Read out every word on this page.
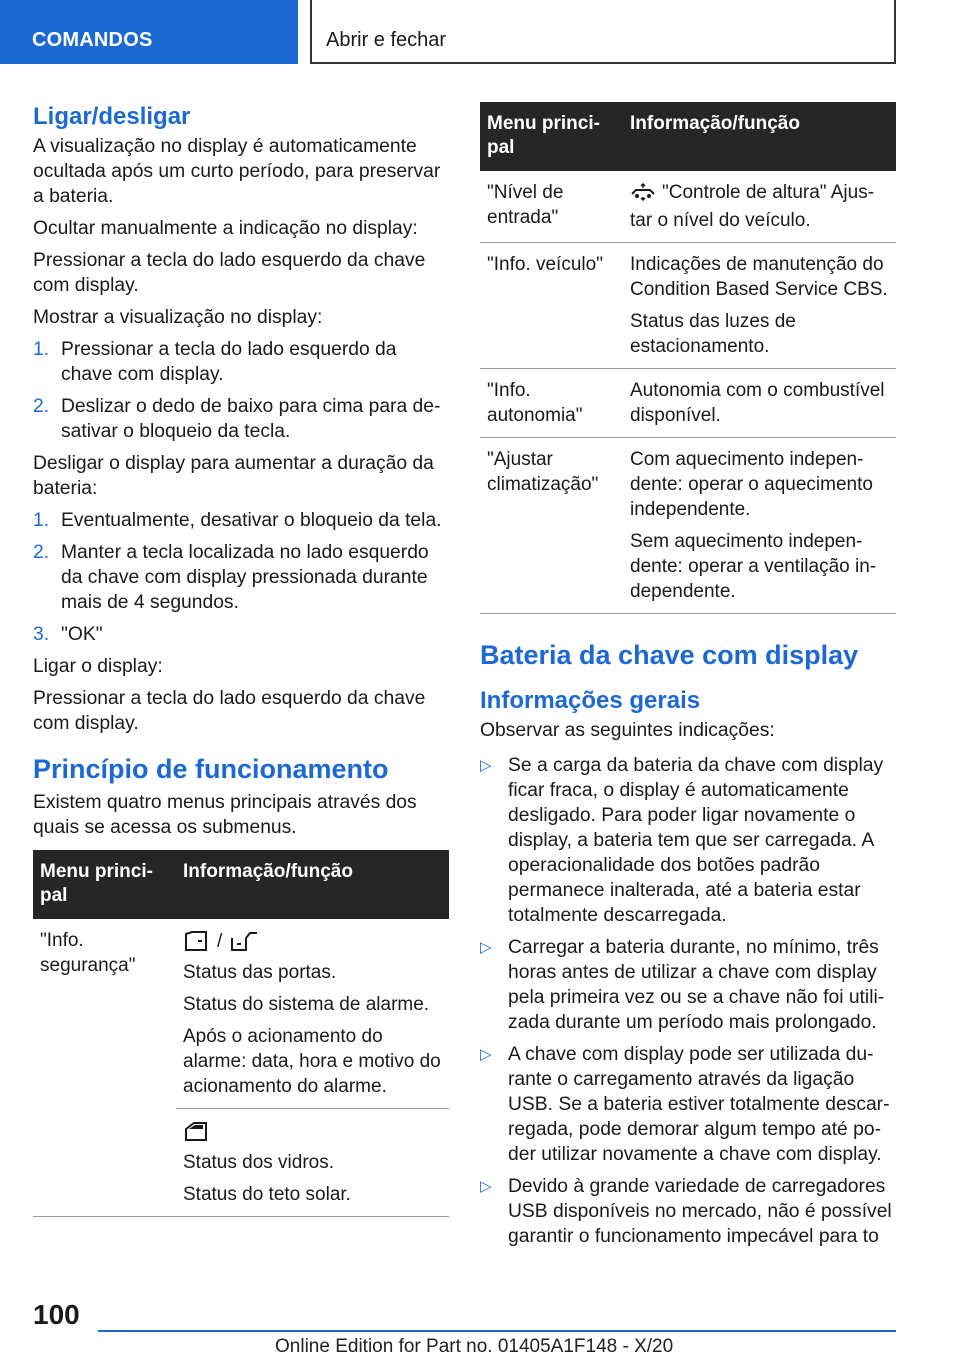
COMANDOS	Abrir e fechar
Ligar/desligar

A visualização no display é automaticamente ocultada após um curto período, para preservar a bateria.

Ocultar manualmente a indicação no display:

Pressionar a tecla do lado esquerdo da chave com display.

Mostrar a visualização no display:

1. Pressionar a tecla do lado esquerdo da chave com display.
2. Deslizar o dedo de baixo para cima para desativar o bloqueio da tecla.

Desligar o display para aumentar a duração da bateria:

1. Eventualmente, desativar o bloqueio da tela.
2. Manter a tecla localizada no lado esquerdo da chave com display pressionada durante mais de 4 segundos.
3. "OK"

Ligar o display:

Pressionar a tecla do lado esquerdo da chave com display.

Princípio de funcionamento

Existem quatro menus principais através dos quais se acessa os submenus.

Menu principal	Informação/função

"Info. segurança"	/

Status das portas.

Status do sistema de alarme.

Após o acionamento do alarme: data, hora e motivo do acionamento do alarme.

	Status dos vidros.

Status do teto solar.

Menu principal	Informação/função

"Nível de entrada"	"Controle de altura" Ajustar o nível do veículo.

"Info. veículo"	Indicações de manutenção do Condition Based Service CBS.

Status das luzes de estacionamento.

"Info. autonomia"	Autonomia com o combustível disponível.

"Ajustar climatização"	Com aquecimento independente: operar o aquecimento independente.

Sem aquecimento independente: operar a ventilação independente.

Bateria da chave com display
Informações gerais

Observar as seguintes indicações:

▷ Se a carga da bateria da chave com display ficar fraca, o display é automaticamente desligado. Para poder ligar novamente o display, a bateria tem que ser carregada. A operacionalidade dos botões padrão permanece inalterada, até a bateria estar totalmente descarregada.
▷ Carregar a bateria durante, no mínimo, três horas antes de utilizar a chave com display pela primeira vez ou se a chave não foi utilizada durante um período mais prolongado.
▷ A chave com display pode ser utilizada durante o carregamento através da ligação USB. Se a bateria estiver totalmente descarregada, pode demorar algum tempo até poder utilizar novamente a chave com display.
▷ Devido à grande variedade de carregadores USB disponíveis no mercado, não é possível garantir o funcionamento impecável para to
100
Online Edition for Part no. 01405A1F148 - X/20
